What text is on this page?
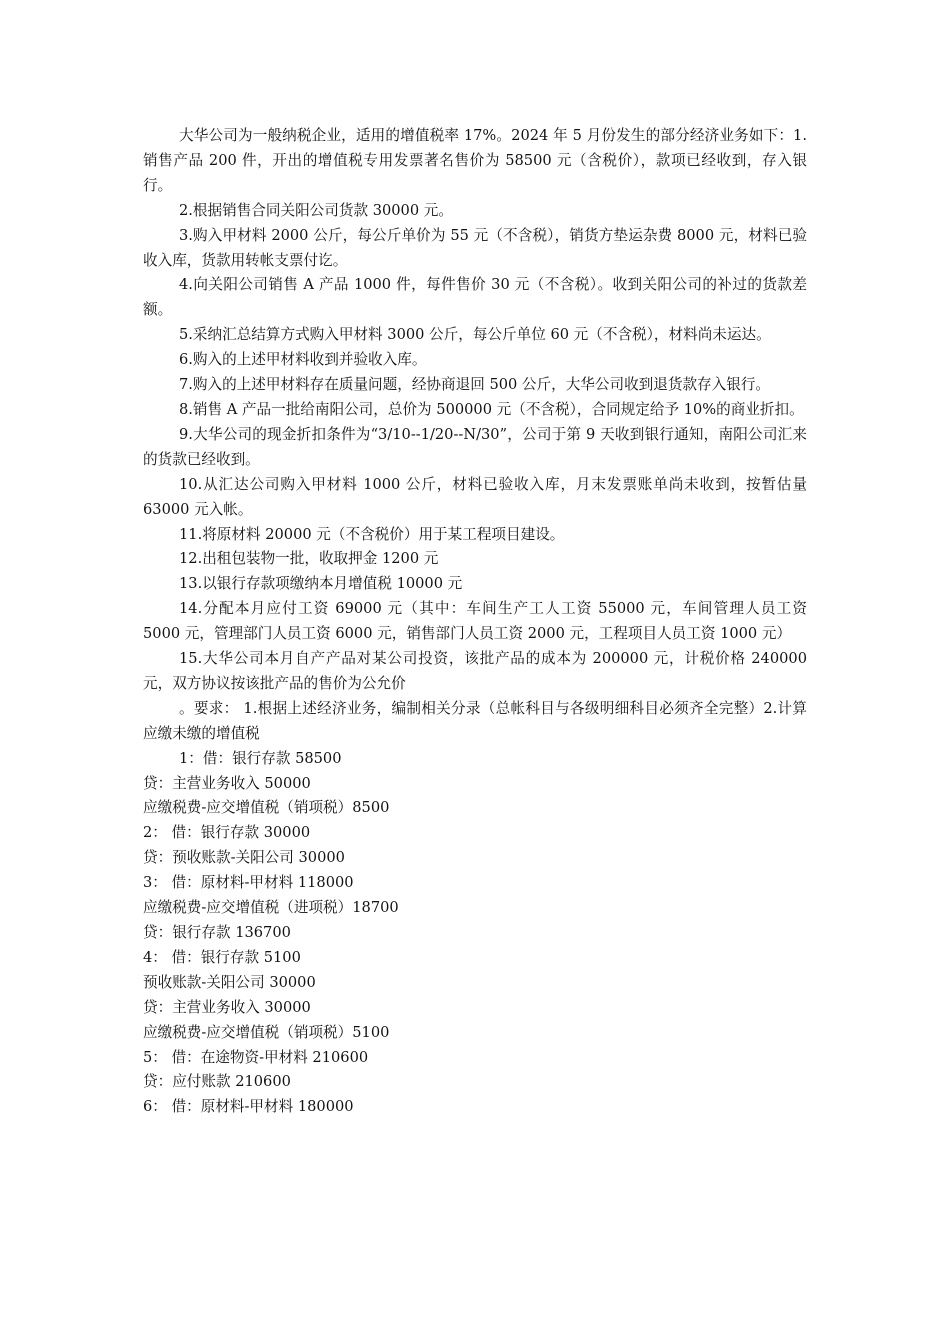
大华公司为一般纳税企业，适用的增值税率 17%。2024 年 5 月份发生的部分经济业务如下：1.销售产品 200 件，开出的增值税专用发票著名售价为 58500 元（含税价），款项已经收到，存入银行。

2.根据销售合同关阳公司货款 30000 元。

3.购入甲材料 2000 公斤，每公斤单价为 55 元（不含税），销货方垫运杂费 8000 元，材料已验收入库，货款用转帐支票付讫。

4.向关阳公司销售 A 产品 1000 件，每件售价 30 元（不含税）。收到关阳公司的补过的货款差额。

5.采纳汇总结算方式购入甲材料 3000 公斤，每公斤单位 60 元（不含税），材料尚未运达。

6.购入的上述甲材料收到并验收入库。

7.购入的上述甲材料存在质量问题，经协商退回 500 公斤，大华公司收到退货款存入银行。

8.销售 A 产品一批给南阳公司，总价为 500000 元（不含税），合同规定给予 10%的商业折扣。

9.大华公司的现金折扣条件为“3/10--1/20--N/30”，公司于第 9 天收到银行通知，南阳公司汇来的货款已经收到。

10.从汇达公司购入甲材料 1000 公斤，材料已验收入库，月末发票账单尚未收到，按暂估量 63000 元入帐。

11.将原材料 20000 元（不含税价）用于某工程项目建设。

12.出租包装物一批，收取押金 1200 元

13.以银行存款项缴纳本月增值税 10000 元

14.分配本月应付工资 69000 元（其中：车间生产工人工资 55000 元，车间管理人员工资 5000 元，管理部门人员工资 6000 元，销售部门人员工资 2000 元，工程项目人员工资 1000 元）

15.大华公司本月自产产品对某公司投资，该批产品的成本为 200000 元，计税价格 240000 元，双方协议按该批产品的售价为公允价

。要求： 1.根据上述经济业务，编制相关分录（总帐科目与各级明细科目必须齐全完整）2.计算应缴未缴的增值税

1：借：银行存款 58500

贷：主营业务收入 50000

应缴税费-应交增值税（销项税）8500

2： 借：银行存款 30000

贷：预收账款-关阳公司 30000

3： 借：原材料-甲材料 118000

应缴税费-应交增值税（进项税）18700

贷：银行存款 136700

4： 借：银行存款 5100

预收账款-关阳公司 30000

贷：主营业务收入 30000

应缴税费-应交增值税（销项税）5100

5： 借：在途物资-甲材料 210600

贷：应付账款 210600

6： 借：原材料-甲材料 180000
